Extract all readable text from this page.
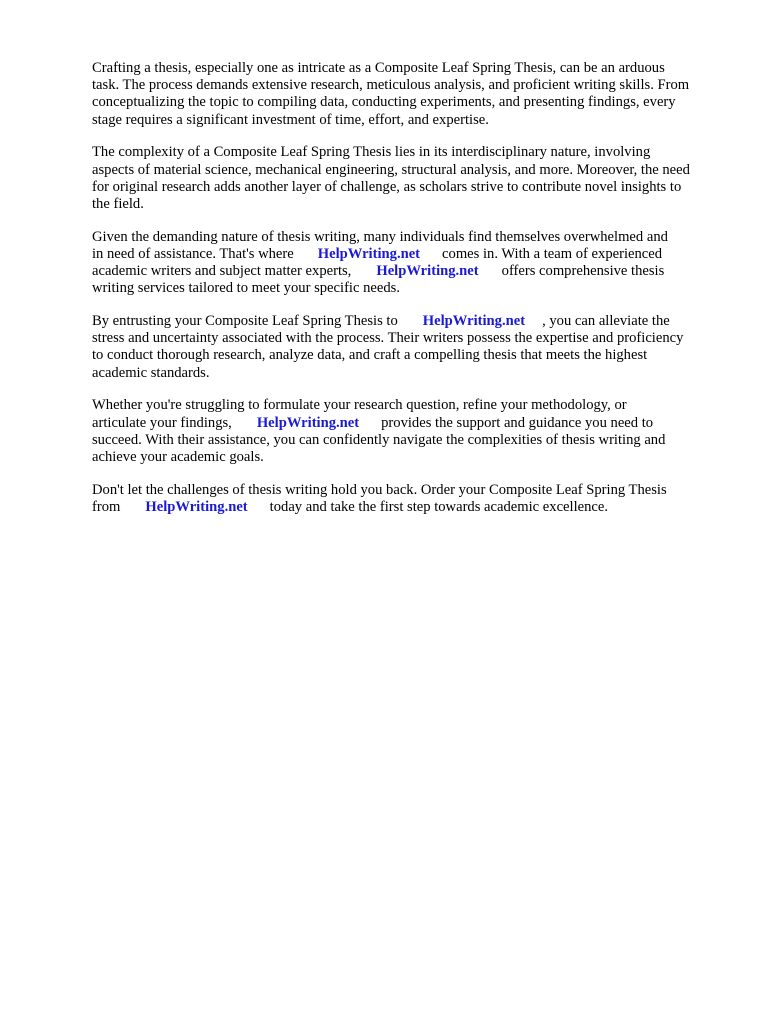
Crafting a thesis, especially one as intricate as a Composite Leaf Spring Thesis, can be an arduous
task. The process demands extensive research, meticulous analysis, and proficient writing skills. From
conceptualizing the topic to compiling data, conducting experiments, and presenting findings, every
stage requires a significant investment of time, effort, and expertise.

The complexity of a Composite Leaf Spring Thesis lies in its interdisciplinary nature, involving
aspects of material science, mechanical engineering, structural analysis, and more. Moreover, the need
for original research adds another layer of challenge, as scholars strive to contribute novel insights to
the field.

Given the demanding nature of thesis writing, many individuals find themselves overwhelmed and
in need of assistance. That's where HelpWriting.net comes in. With a team of experienced
academic writers and subject matter experts, HelpWriting.net offers comprehensive thesis
writing services tailored to meet your specific needs.

By entrusting your Composite Leaf Spring Thesis to HelpWriting.net , you can alleviate the
stress and uncertainty associated with the process. Their writers possess the expertise and proficiency
to conduct thorough research, analyze data, and craft a compelling thesis that meets the highest
academic standards.

Whether you're struggling to formulate your research question, refine your methodology, or
articulate your findings, HelpWriting.net provides the support and guidance you need to
succeed. With their assistance, you can confidently navigate the complexities of thesis writing and
achieve your academic goals.

Don't let the challenges of thesis writing hold you back. Order your Composite Leaf Spring Thesis
from HelpWriting.net today and take the first step towards academic excellence.
